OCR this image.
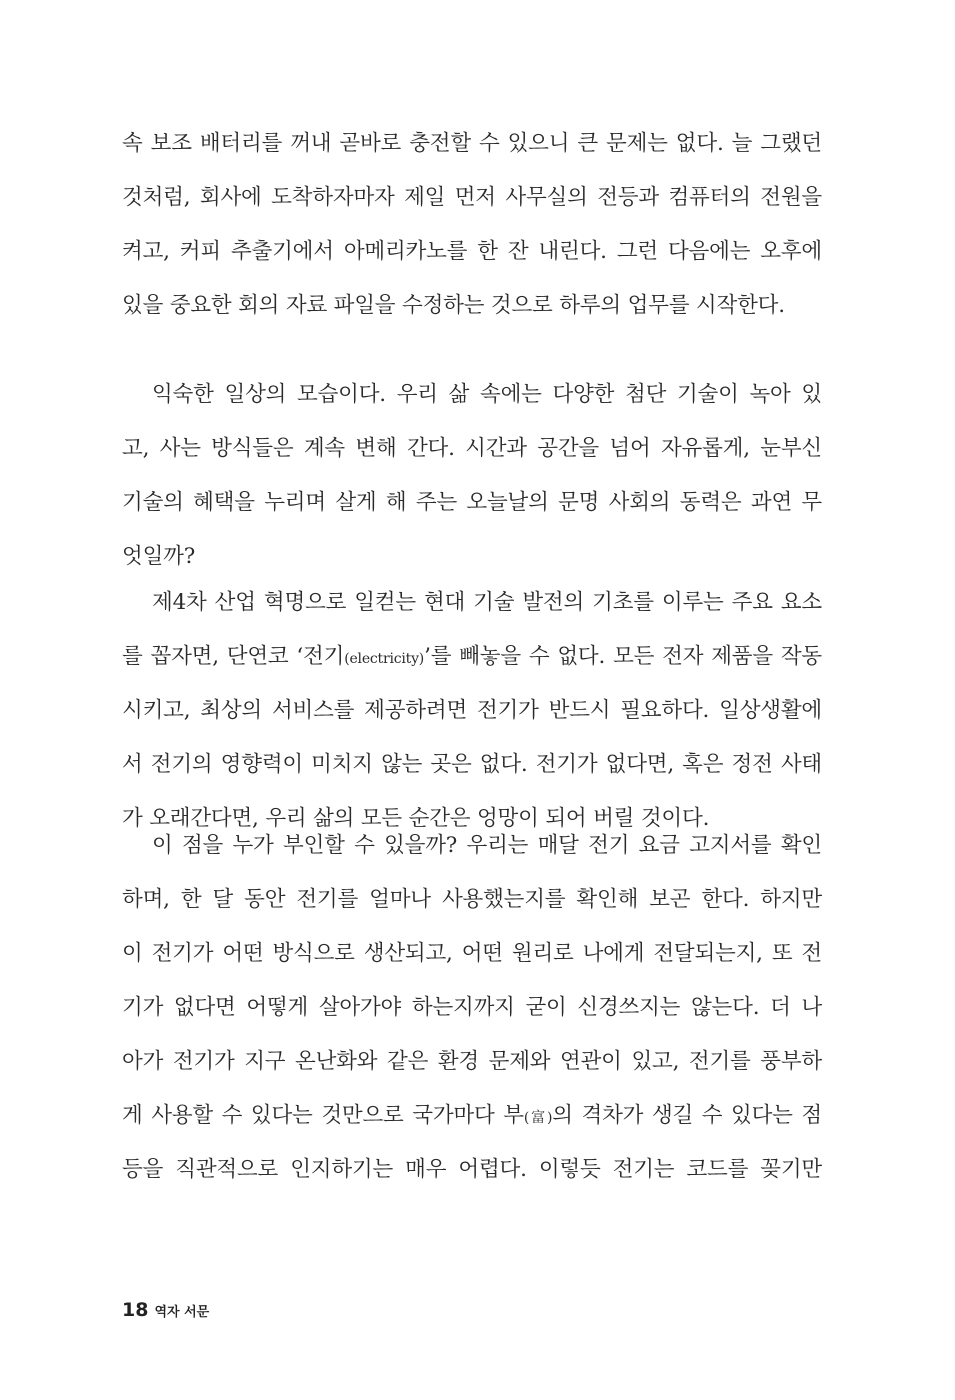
속 보조 배터리를 꺼내 곧바로 충전할 수 있으니 큰 문제는 없다. 늘 그랬던
것처럼, 회사에 도착하자마자 제일 먼저 사무실의 전등과 컴퓨터의 전원을
켜고, 커피 추출기에서 아메리카노를 한 잔 내린다. 그런 다음에는 오후에
있을 중요한 회의 자료 파일을 수정하는 것으로 하루의 업무를 시작한다.
익숙한 일상의 모습이다. 우리 삶 속에는 다양한 첨단 기술이 녹아 있
고, 사는 방식들은 계속 변해 간다. 시간과 공간을 넘어 자유롭게, 눈부신
기술의 혜택을 누리며 살게 해 주는 오늘날의 문명 사회의 동력은 과연 무
엇일까?
제4차 산업 혁명으로 일컫는 현대 기술 발전의 기초를 이루는 주요 요소
를 꼽자면, 단연코 ‘전기(electricity)’를 빼놓을 수 없다. 모든 전자 제품을 작동
시키고, 최상의 서비스를 제공하려면 전기가 반드시 필요하다. 일상생활에
서 전기의 영향력이 미치지 않는 곳은 없다. 전기가 없다면, 혹은 정전 사태
가 오래간다면, 우리 삶의 모든 순간은 엉망이 되어 버릴 것이다.
이 점을 누가 부인할 수 있을까? 우리는 매달 전기 요금 고지서를 확인
하며, 한 달 동안 전기를 얼마나 사용했는지를 확인해 보곤 한다. 하지만
이 전기가 어떤 방식으로 생산되고, 어떤 원리로 나에게 전달되는지, 또 전
기가 없다면 어떻게 살아가야 하는지까지 굳이 신경쓰지는 않는다. 더 나
아가 전기가 지구 온난화와 같은 환경 문제와 연관이 있고, 전기를 풍부하
게 사용할 수 있다는 것만으로 국가마다 부(富)의 격차가 생길 수 있다는 점
등을 직관적으로 인지하기는 매우 어렵다. 이렇듯 전기는 코드를 꽂기만
18 역자 서문
